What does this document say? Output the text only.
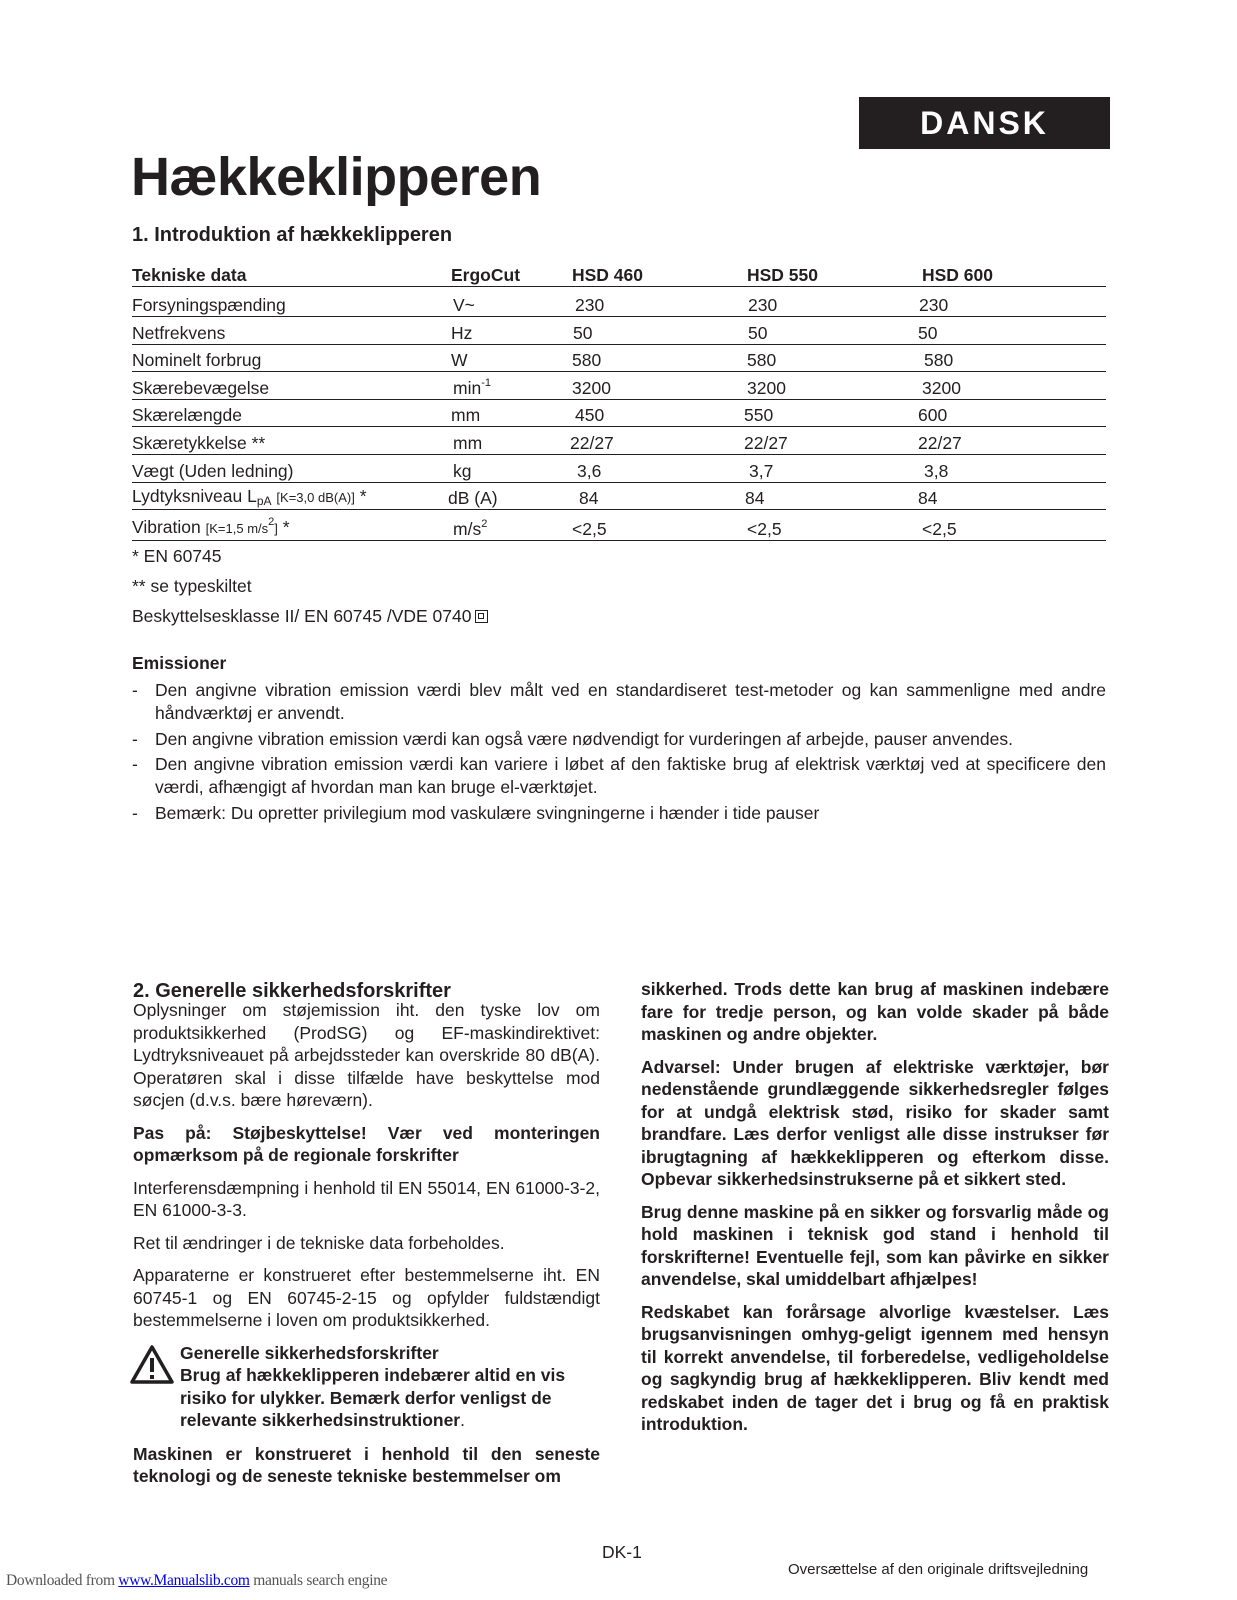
DANSK
Hækkeklipperen
1. Introduktion af hækkeklipperen
Tekniske data	ErgoCut	HSD 460	HSD 550	HSD 600
Forsyningspænding	V~	230	230	230
Netfrekvens	Hz	50	50	50
Nominelt forbrug	W	580	580	580
Skærebevægelse	$\min^{-1}$	3200	3200	3200
Skærelængde	mm	450	550	600
Skæretykkelse **	mm	22/27	22/27	22/27
Vægt (Uden ledning)	kg	3,6	3,7	3,8
Lydtyksniveau $L_{pA}$ [K=3,0 dB(A)] *	dB (A)	84	84	84
Vibration [K=1,5 $m/s^2$] *	$m/s^2$	<2,5	<2,5	<2,5
* EN 60745
** se typeskiltet
Beskyttelsesklasse II/ EN 60745 /VDE 0740
Emissioner
- Den angivne vibration emission værdi blev målt ved en standardiseret test-metoder og kan sammenligne med andre håndværktøj er anvendt.
- Den angivne vibration emission værdi kan også være nødvendigt for vurderingen af arbejde, pauser anvendes.
- Den angivne vibration emission værdi kan variere i løbet af den faktiske brug af elektrisk værktøj ved at specificere den værdi, afhængigt af hvordan man kan bruge el-værktøjet.
- Bemærk: Du opretter privilegium mod vaskulære svingningerne i hænder i tide pauser
2. Generelle sikkerhedsforskrifter

Oplysninger om støjemission iht. den tyske lov om produktsikkerhed (ProdSG) og EF-maskindirektivet: Lydtryksniveauet på arbejdssteder kan overskride 80 dB(A). Operatøren skal i disse tilfælde have beskyttelse mod søcjen (d.v.s. bære høreværn).

Pas på: Støjbeskyttelse! Vær ved monteringen opmærksom på de regionale forskrifter

Interferensdæmpning i henhold til EN 55014, EN 61000-3-2, EN 61000-3-3.

Ret til ændringer i de tekniske data forbeholdes.

Apparaterne er konstrueret efter bestemmelserne iht. EN 60745-1 og EN 60745-2-15 og opfylder fuldstændigt bestemmelserne i loven om produktsikkerhed.

Generelle sikkerhedsforskrifter
Brug af hækkeklipperen indebærer altid en vis risiko for ulykker. Bemærk derfor venligst de relevante sikkerhedsinstruktioner.

Maskinen er konstrueret i henhold til den seneste teknologi og de seneste tekniske bestemmelser om

sikkerhed. Trods dette kan brug af maskinen indebære fare for tredje person, og kan volde skader på både maskinen og andre objekter.

Advarsel: Under brugen af elektriske værktøjer, bør nedenstående grundlæggende sikkerhedsregler følges for at undgå elektrisk stød, risiko for skader samt brandfare. Læs derfor venligst alle disse instrukser før ibrugtagning af hækkeklipperen og efterkom disse. Opbevar sikkerhedsinstrukserne på et sikkert sted.

Brug denne maskine på en sikker og forsvarlig måde og hold maskinen i teknisk god stand i henhold til forskrifterne! Eventuelle fejl, som kan påvirke en sikker anvendelse, skal umiddelbart afhjælpes!

Redskabet kan forårsage alvorlige kvæstelser. Læs brugsanvisningen omhyg-geligt igennem med hensyn til korrekt anvendelse, til forberedelse, vedligeholdelse og sagkyndig brug af hækkeklipperen. Bliv kendt med redskabet inden de tager det i brug og få en praktisk introduktion.

DK-1
Oversættelse af den originale driftsvejledning
Downloaded from www.Manualslib.com manuals search engine
